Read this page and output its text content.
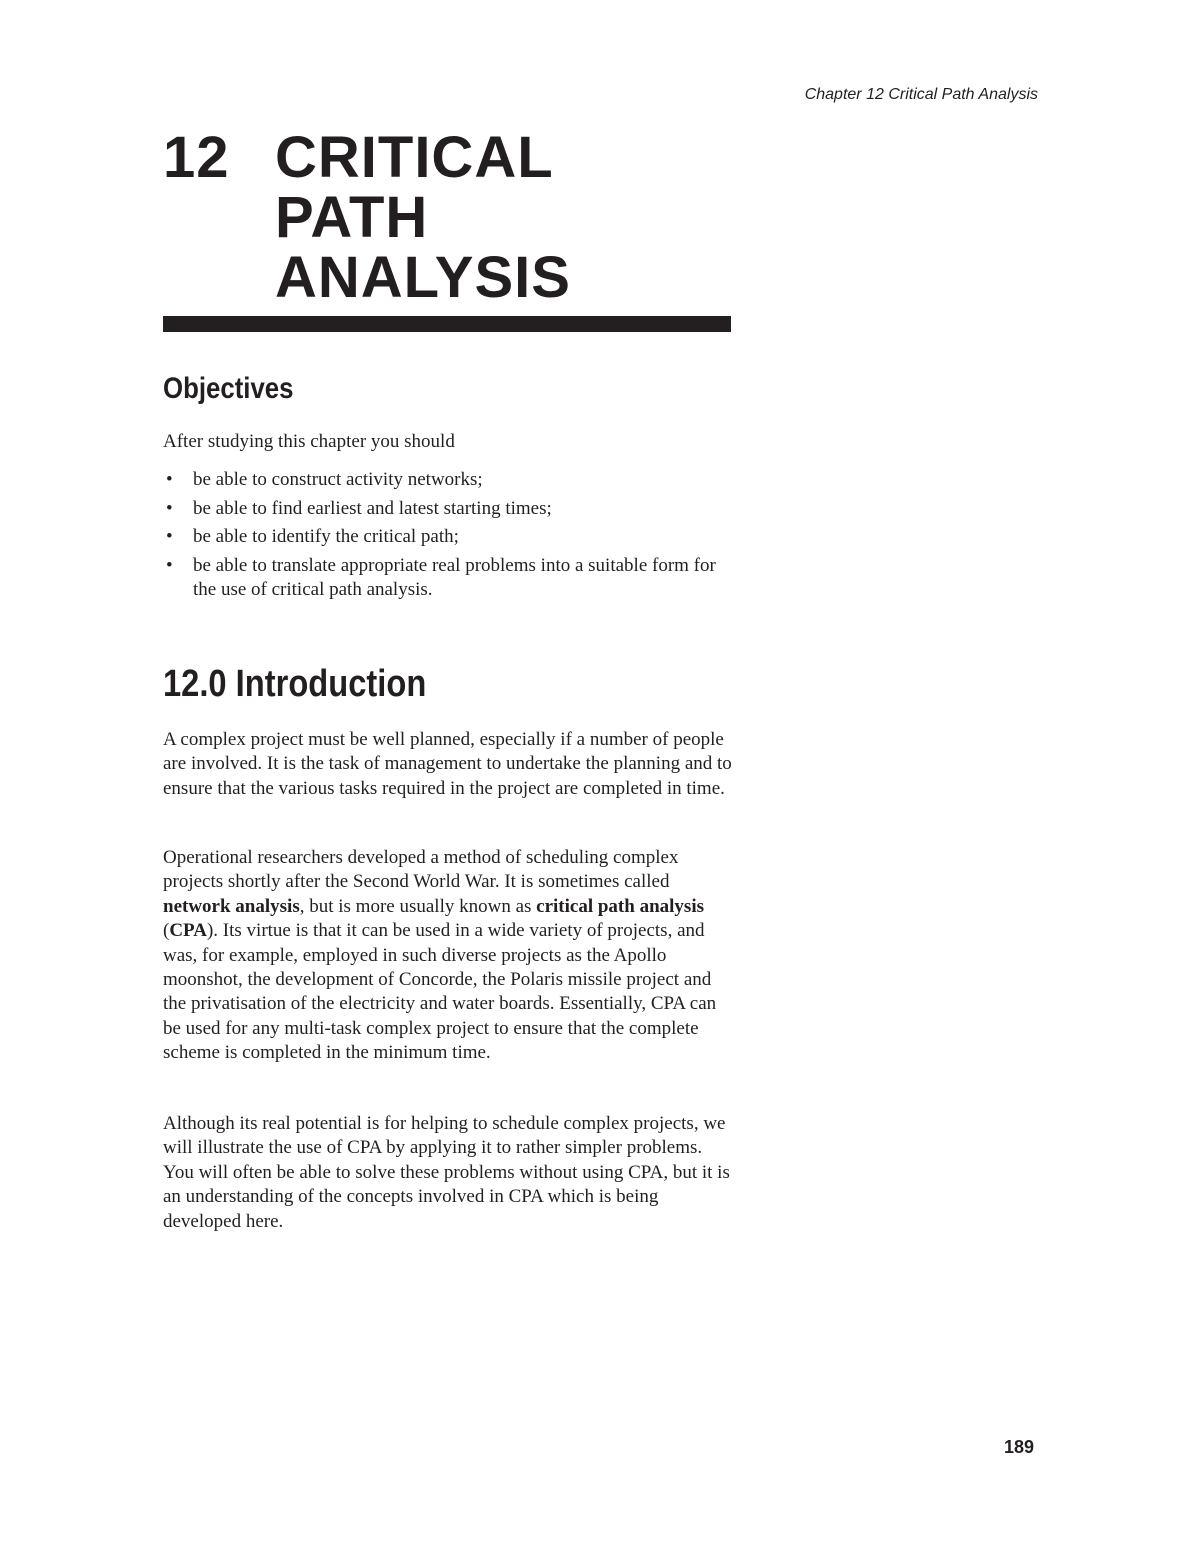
Chapter 12 Critical Path Analysis
12 CRITICAL
PATH
ANALYSIS
Objectives
After studying this chapter you should
• be able to construct activity networks;
• be able to find earliest and latest starting times;
• be able to identify the critical path;
• be able to translate appropriate real problems into a suitable form for the use of critical path analysis.
12.0 Introduction

A complex project must be well planned, especially if a number of people are involved. It is the task of management to undertake the planning and to ensure that the various tasks required in the project are completed in time.

Operational researchers developed a method of scheduling complex projects shortly after the Second World War. It is sometimes called network analysis, but is more usually known as critical path analysis (CPA). Its virtue is that it can be used in a wide variety of projects, and was, for example, employed in such diverse projects as the Apollo moonshot, the development of Concorde, the Polaris missile project and the privatisation of the electricity and water boards. Essentially, CPA can be used for any multi-task complex project to ensure that the complete scheme is completed in the minimum time.

Although its real potential is for helping to schedule complex projects, we will illustrate the use of CPA by applying it to rather simpler problems. You will often be able to solve these problems without using CPA, but it is an understanding of the concepts involved in CPA which is being developed here.

189
